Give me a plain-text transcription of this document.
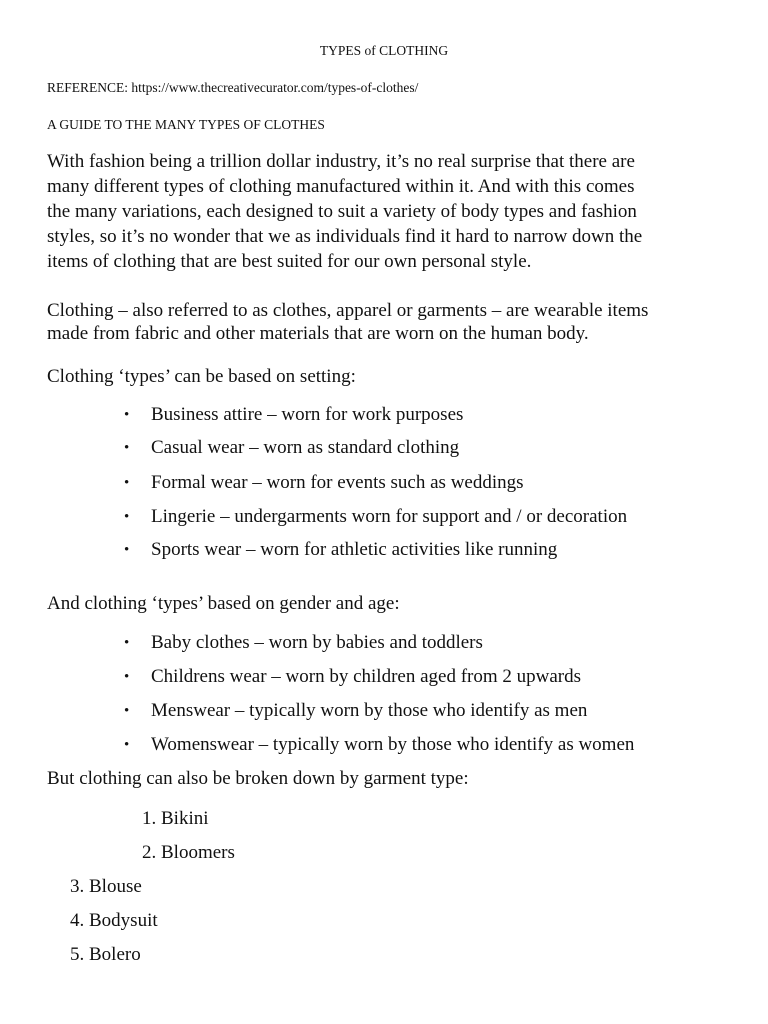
TYPES of CLOTHING
REFERENCE: https://www.thecreativecurator.com/types-of-clothes/
A GUIDE TO THE MANY TYPES OF CLOTHES
With fashion being a trillion dollar industry, it’s no real surprise that there are
many different types of clothing manufactured within it. And with this comes
the many variations, each designed to suit a variety of body types and fashion
styles, so it’s no wonder that we as individuals find it hard to narrow down the
items of clothing that are best suited for our own personal style.
Clothing – also referred to as clothes, apparel or garments – are wearable items
made from fabric and other materials that are worn on the human body.
Clothing ‘types’ can be based on setting:
• Business attire – worn for work purposes
• Casual wear – worn as standard clothing
• Formal wear – worn for events such as weddings
• Lingerie – undergarments worn for support and / or decoration
• Sports wear – worn for athletic activities like running
And clothing ‘types’ based on gender and age:
• Baby clothes – worn by babies and toddlers
• Childrens wear – worn by children aged from 2 upwards
• Menswear – typically worn by those who identify as men
• Womenswear – typically worn by those who identify as women
But clothing can also be broken down by garment type:
1. Bikini
2. Bloomers
3. Blouse
4. Bodysuit
5. Bolero
